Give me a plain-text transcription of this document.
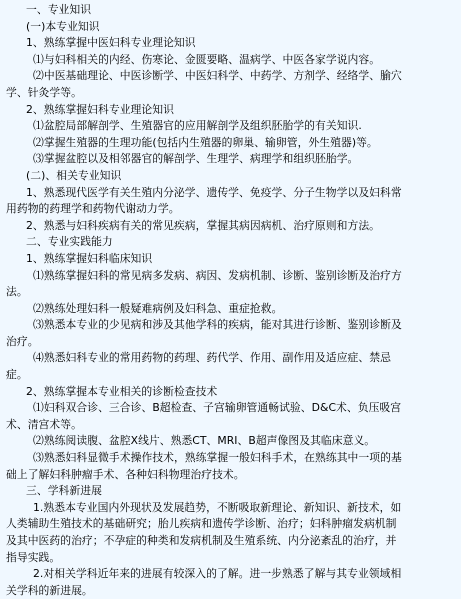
一、专业知识
(一)本专业知识
1、熟练掌握中医妇科专业理论知识
⑴与妇科相关的内经、伤寒论、金匮要略、温病学、中医各家学说内容。
⑵中医基础理论、中医诊断学、中医妇科学、中药学、方剂学、经络学、腧穴
学、针灸学等。
2、熟练掌握妇科专业理论知识
⑴盆腔局部解剖学、生殖器官的应用解剖学及组织胚胎学的有关知识.
⑵掌握生殖器的生理功能(包括内生殖器的卵巢、输卵管，外生殖器)等。
⑶掌握盆腔以及相邻器官的解剖学、生理学、病理学和组织胚胎学。
(二)、相关专业知识
1、熟悉现代医学有关生殖内分泌学、遗传学、免疫学、分子生物学以及妇科常
用药物的药理学和药物代谢动力学。
2、熟悉与妇科疾病有关的常见疾病，掌握其病因病机、治疗原则和方法。
二、专业实践能力
1、熟练掌握妇科临床知识
⑴熟练掌握妇科的常见病多发病、病因、发病机制、诊断、鉴别诊断及治疗方
法。
⑵熟练处理妇科一般疑难病例及妇科急、重症抢救。
⑶熟悉本专业的少见病和涉及其他学科的疾病，能对其进行诊断、鉴别诊断及
治疗。
⑷熟悉妇科专业的常用药物的药理、药代学、作用、副作用及适应症、禁忌
症。
2、熟练掌握本专业相关的诊断检查技术
⑴妇科双合诊、三合诊、B超检查、子宫输卵管通畅试验、D&C术、负压吸宫
术、清宫术等。
⑵熟练阅读腹、盆腔X线片、熟悉CT、MRI、B超声像图及其临床意义。
⑶熟悉妇科显微手术操作技术，熟练掌握一般妇科手术，在熟练其中一项的基
础上了解妇科肿瘤手术、各种妇科物理治疗技术。
三、学科新进展
1.熟悉本专业国内外现状及发展趋势，不断吸取新理论、新知识、新技术，如
人类辅助生殖技术的基础研究；胎儿疾病和遗传学诊断、治疗；妇科肿瘤发病机制
及其中医药的治疗；不孕症的种类和发病机制及生殖系统、内分泌紊乱的治疗，并
指导实践。
2.对相关学科近年来的进展有较深入的了解。进一步熟悉了解与其专业领域相
关学科的新进展。
